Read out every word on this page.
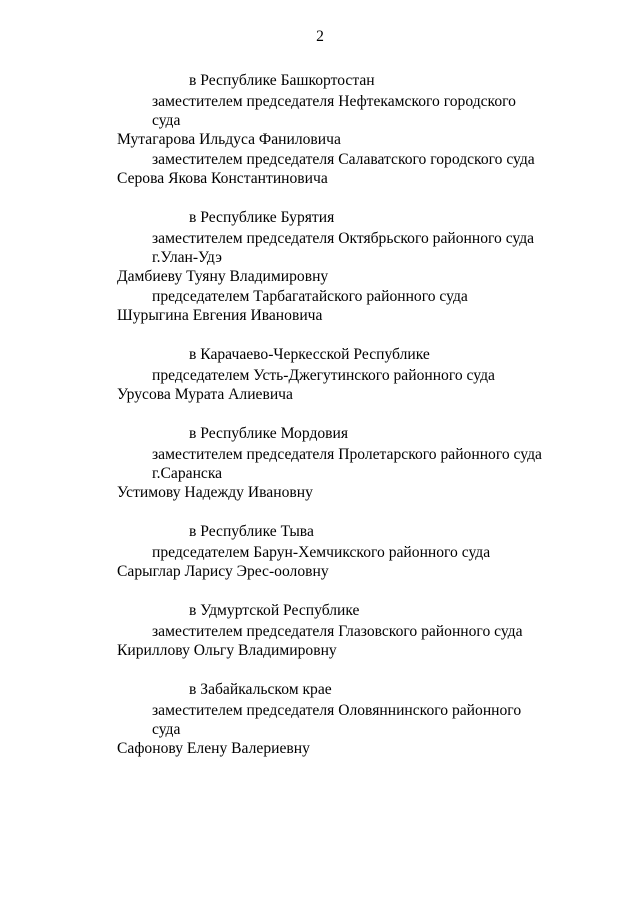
2
в Республике Башкортостан
заместителем председателя Нефтекамского городского суда
Мутагарова Ильдуса Фаниловича
заместителем председателя Салаватского городского суда
Серова Якова Константиновича
в Республике Бурятия
заместителем председателя Октябрьского районного суда г.Улан-Удэ
Дамбиеву Туяну Владимировну
председателем Тарбагатайского районного суда
Шурыгина Евгения Ивановича
в Карачаево-Черкесской Республике
председателем Усть-Джегутинского районного суда
Урусова Мурата Алиевича
в Республике Мордовия
заместителем председателя Пролетарского районного суда г.Саранска
Устимову Надежду Ивановну
в Республике Тыва
председателем Барун-Хемчикского районного суда
Сарыглар Ларису Эрес-ооловну
в Удмуртской Республике
заместителем председателя Глазовского районного суда
Кириллову Ольгу Владимировну
в Забайкальском крае
заместителем председателя Оловяннинского районного суда
Сафонову Елену Валериевну
